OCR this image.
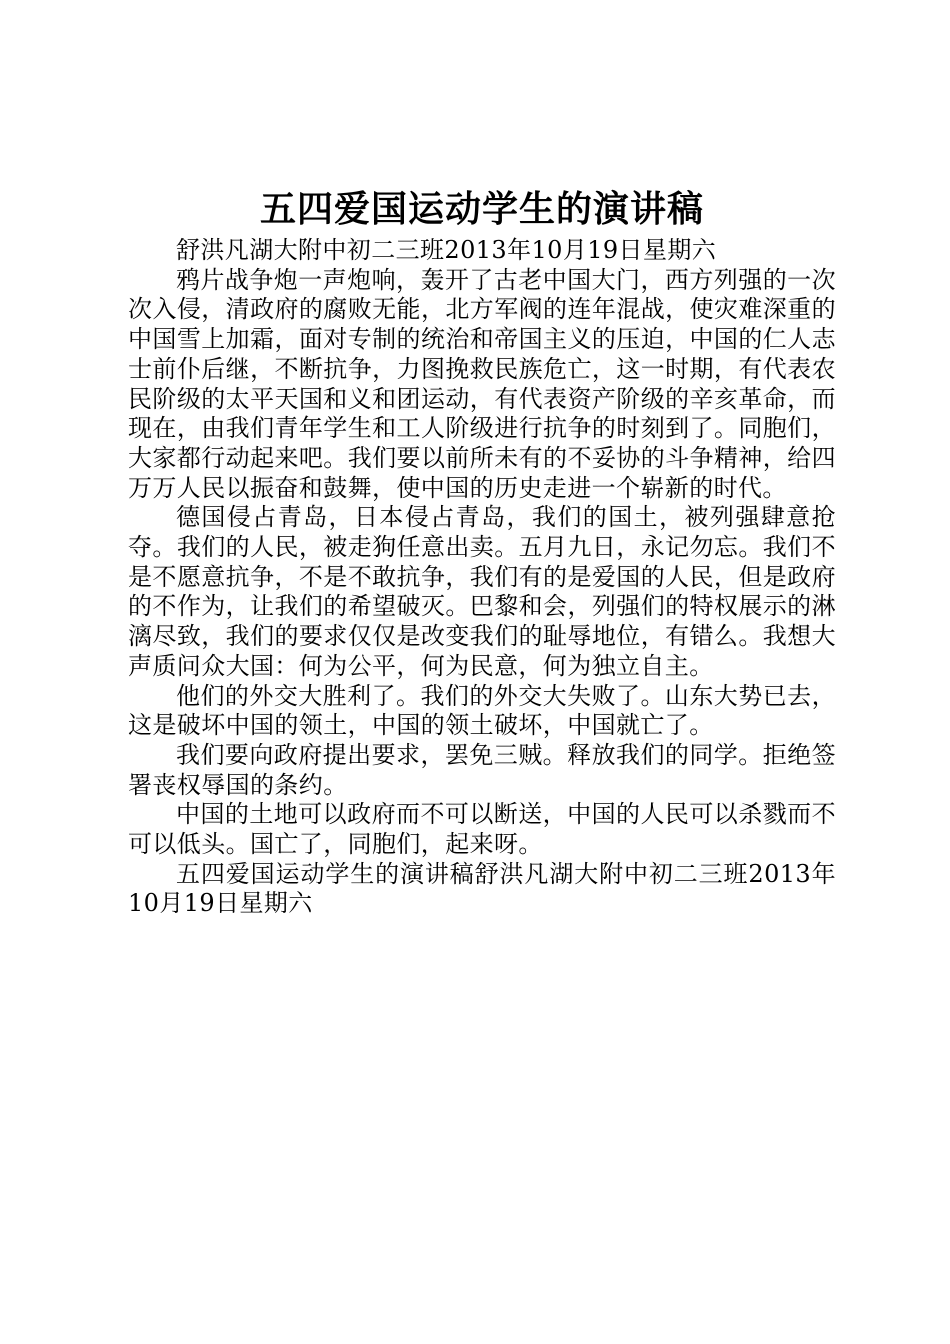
五四爱国运动学生的演讲稿

舒洪凡湖大附中初二三班2013年10月19日星期六

鸦片战争炮一声炮响，轰开了古老中国大门，西方列强的一次次入侵，清政府的腐败无能，北方军阀的连年混战，使灾难深重的中国雪上加霜，面对专制的统治和帝国主义的压迫，中国的仁人志士前仆后继，不断抗争，力图挽救民族危亡，这一时期，有代表农民阶级的太平天国和义和团运动，有代表资产阶级的辛亥革命，而现在，由我们青年学生和工人阶级进行抗争的时刻到了。同胞们，大家都行动起来吧。我们要以前所未有的不妥协的斗争精神，给四万万人民以振奋和鼓舞，使中国的历史走进一个崭新的时代。

德国侵占青岛，日本侵占青岛，我们的国土，被列强肆意抢夺。我们的人民，被走狗任意出卖。五月九日，永记勿忘。我们不是不愿意抗争，不是不敢抗争，我们有的是爱国的人民，但是政府的不作为，让我们的希望破灭。巴黎和会，列强们的特权展示的淋漓尽致，我们的要求仅仅是改变我们的耻辱地位，有错么。我想大声质问众大国：何为公平，何为民意，何为独立自主。

他们的外交大胜利了。我们的外交大失败了。山东大势已去，这是破坏中国的领土，中国的领土破坏，中国就亡了。

我们要向政府提出要求，罢免三贼。释放我们的同学。拒绝签署丧权辱国的条约。

中国的土地可以政府而不可以断送，中国的人民可以杀戮而不可以低头。国亡了，同胞们，起来呀。

五四爱国运动学生的演讲稿舒洪凡湖大附中初二三班2013年10月19日星期六
